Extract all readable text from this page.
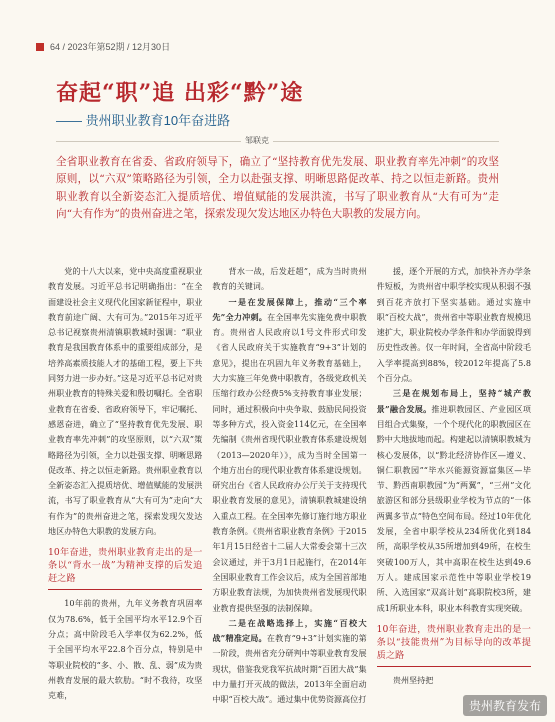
64 / 2023年第52期 / 12月30日
奋起“职”追 出彩“黔”途
—— 贵州职业教育10年奋进路
邹联克
全省职业教育在省委、省政府领导下，确立了“坚持教育优先发展、职业教育率先冲刺”的攻坚原则，以“六双”策略路径为引领，全力以赴强支撑、明晰思路促改革、持之以恒走新路。贵州职业教育以全新姿态汇入提质培优、增值赋能的发展洪流，书写了职业教育从“大有可为”走向“大有作为”的贵州奋进之笔，探索发现欠发达地区办特色大职教的发展方向。

党的十八大以来，党中央高度重视职业教育发展。习近平总书记明确指出：“在全面建设社会主义现代化国家新征程中，职业教育前途广阔、大有可为。”2015年习近平总书记视察贵州清镇职教城时强调：“职业教育是我国教育体系中的重要组成部分，是培养高素质技能人才的基础工程，要上下共同努力进一步办好。”这是习近平总书记对贵州职业教育的特殊关爱和殷切嘱托。全省职业教育在省委、省政府领导下，牢记嘱托、感恩奋进，确立了“坚持教育优先发展、职业教育率先冲刺”的攻坚原则，以“六双”策略路径为引领，全力以赴强支撑、明晰思路促改革、持之以恒走新路。贵州职业教育以全新姿态汇入提质培优、增值赋能的发展洪流，书写了职业教育从“大有可为”走向“大有作为”的贵州奋进之笔，探索发现欠发达地区办特色大职教的发展方向。

10年奋进，贵州职业教育走出的是一条以“背水一战”为精神支撑的后发追赶之路

10年前的贵州，九年义务教育巩固率仅为78.6%，低于全国平均水平12.9个百分点；高中阶段毛入学率仅为62.2%，低于全国平均水平22.8个百分点，特别是中等职业院校的“多、小、散、乱、弱”成为贵州教育发展的最大软肋。“时不我待，攻坚克难，

背水一战，后发赶超”，成为当时贵州教育的关键词。

一是在发展保障上，推动“三个率先”全力冲刺。在全国率先实施免费中职教育。贵州省人民政府以1号文件形式印发《省人民政府关于实施教育“9+3”计划的意见》，提出在巩固九年义务教育基础上，大力实施三年免费中职教育，各级党政机关压缩行政办公经费5%支持教育事业发展；同时，通过积极向中央争取、鼓励民间投资等多种方式，投入资金114亿元，在全国率先编制《贵州省现代职业教育体系建设规划（2013—2020年）》，成为当时全国第一个地方出台的现代职业教育体系建设规划。研究出台《省人民政府办公厅关于支持现代职业教育发展的意见》，清镇职教城建设纳入重点工程。在全国率先修订施行地方职业教育条例。《贵州省职业教育条例》于2015年1月15日经省十二届人大常委会第十三次会议通过，并于3月1日起施行，在2014年全国职业教育工作会议后，成为全国首部地方职业教育法规，为加快贵州省发展现代职业教育提供坚强的法制保障。

二是在战略选择上，实施“百校大战”精准定局。在教育“9+3”计划实施的第一阶段，贵州省充分研判中等职业教育发展现状，借鉴我党我军抗战时期“百团大战”集中力量打开灭战的做法，2013年全面启动中职“百校大战”。通过集中优势资源高位打

援，逐个开展的方式，加快补齐办学条件短板，为贵州省中职学校实现从积弱不强到百花齐放打下坚实基础。通过实施中职“百校大战”，贵州省中等职业教育规模迅速扩大，职业院校办学条件和办学面貌得到历史性改善。仅一年时间，全省高中阶段毛入学率提高到88%，较2012年提高了5.8个百分点。

三是在规划布局上，坚持“城产教景”融合发展。推进职教园区、产业园区项目组合式集聚，一个个现代化的职教园区在黔中大地拔地而起。构建起以清镇职教城为核心发展体，以“黔北经济协作区—遵义、铜仁职教园”“毕水兴能源资源富集区—毕节、黔西南职教园”为“两翼”，“三州”文化旅游区和部分县级职业学校为节点的“一体两翼多节点”特色空间布局。经过10年优化发展，全省中职学校从234所优化到184所，高职学校从35所增加到49所，在校生突破100万人，其中高职在校生达到49.6万人。建成国家示范性中等职业学校19所、入选国家“双高计划”高职院校3所，建成1所职业本科，职业本科教育实现突破。

10年奋进，贵州职业教育走出的是一条以“技能贵州”为目标导向的改革提质之路

贵州坚持把

贵州教育发布
